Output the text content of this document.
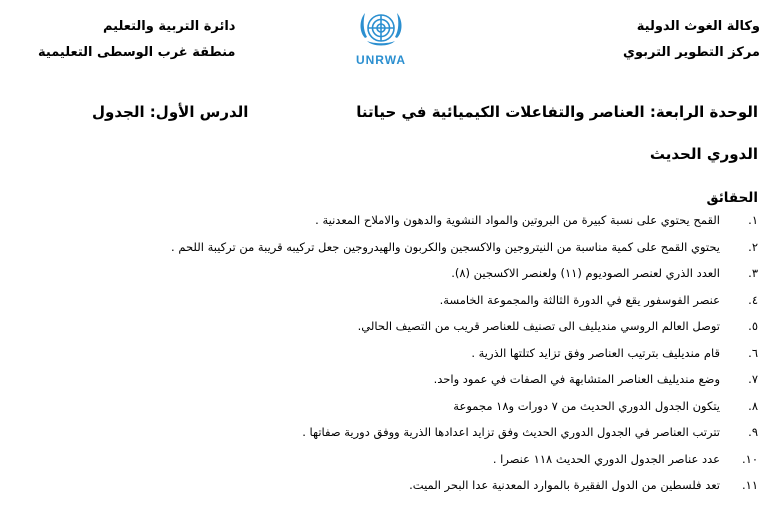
وكالة الغوث الدولية
مركز التطوير التربوي
UNRWA
دائرة التربية والتعليم
منطقة غرب الوسطى التعليمية
الوحدة الرابعة: العناصر والتفاعلات الكيميائية في حياتنا
الدرس الأول: الجدول
الدوري الحديث
الحقائق
١.
القمح يحتوي على نسبة كبيرة من البروتين والمواد النشوية والدهون والاملاح المعدنية .
٢.
يحتوي القمح على كمية مناسبة من النيتروجين والاكسجين والكربون والهيدروجين جعل تركيبه قريبة من تركيبة اللحم .
٣.
العدد الذري لعنصر الصوديوم (١١) ولعنصر الاكسجين (٨).
٤.
عنصر الفوسفور يقع في الدورة الثالثة والمجموعة الخامسة.
٥.
توصل العالم الروسي منديليف الى تصنيف للعناصر قريب من التصيف الحالي.
٦.
قام منديليف بترتيب العناصر وفق تزايد كتلتها الذرية .
٧.
وضع منديليف العناصر المتشابهة في الصفات في عمود واحد.
٨.
يتكون الجدول الدوري الحديث من ٧ دورات و١٨ مجموعة
٩.
تترتب العناصر في الجدول الدوري الحديث وفق تزايد اعدادها الذرية ووفق دورية صفاتها .
١٠.
عدد عناصر الجدول الدوري الحديث ١١٨ عنصرا .
١١.
تعد فلسطين من الدول الفقيرة بالموارد المعدنية عدا البحر الميت.
